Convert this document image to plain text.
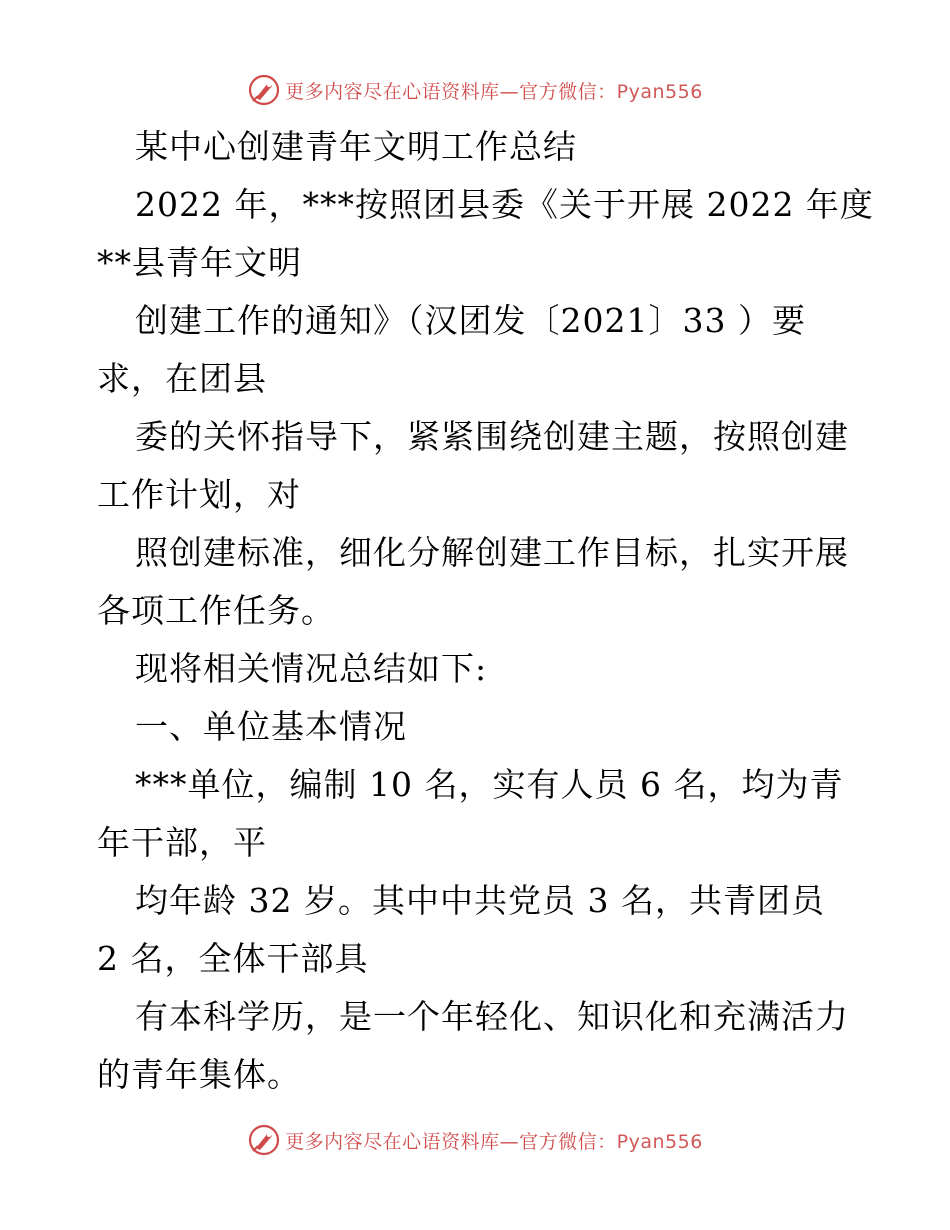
更多内容尽在心语资料库—官方微信：Pyan556
某中心创建青年文明工作总结
2022 年，***按照团县委《关于开展 2022 年度
**县青年文明
创建工作的通知》（汉团发〔2021〕33 ）要
求，在团县
委的关怀指导下，紧紧围绕创建主题，按照创建
工作计划，对
照创建标准，细化分解创建工作目标，扎实开展
各项工作任务。
现将相关情况总结如下:
一、单位基本情况
***单位，编制 10 名，实有人员 6 名，均为青
年干部，平
均年龄 32 岁。其中中共党员 3 名，共青团员
2 名，全体干部具
有本科学历，是一个年轻化、知识化和充满活力
的青年集体。
更多内容尽在心语资料库—官方微信：Pyan556
